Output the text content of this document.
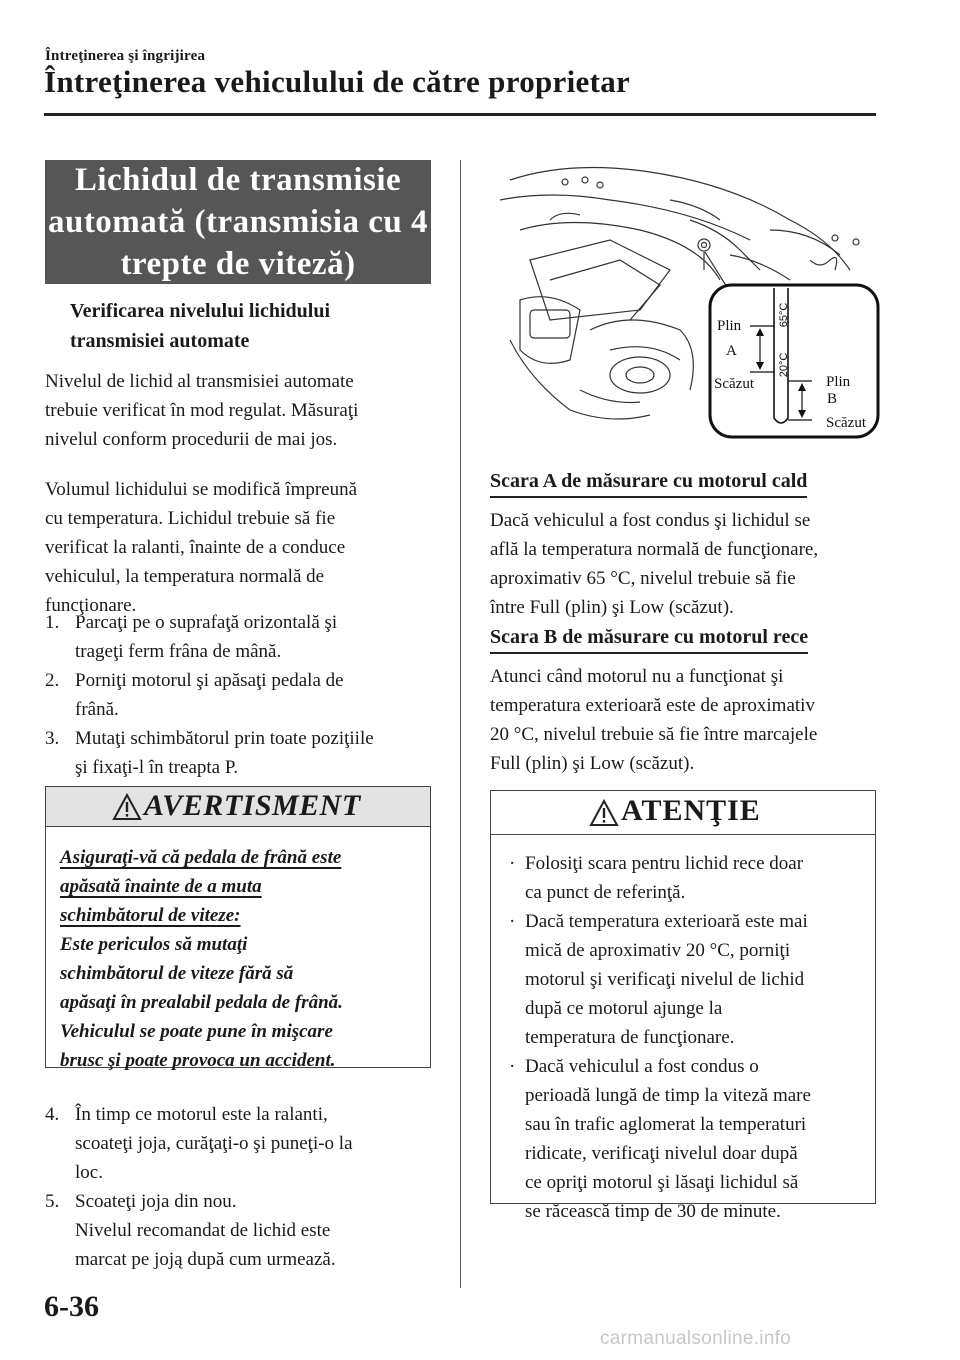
Întreţinerea şi îngrijirea
Întreţinerea vehiculului de către proprietar
Lichidul de transmisie
automată (transmisia cu 4
trepte de viteză)
Verificarea nivelului lichidului
transmisiei automate
Nivelul de lichid al transmisiei automate
trebuie verificat în mod regulat. Măsuraţi
nivelul conform procedurii de mai jos.
Volumul lichidului se modifică împreună
cu temperatura. Lichidul trebuie să fie
verificat la ralanti, înainte de a conduce
vehiculul, la temperatura normală de
funcţionare.
1. Parcaţi pe o suprafaţă orizontală şi
trageţi ferm frâna de mână.
2. Porniţi motorul şi apăsaţi pedala de
frână.
3. Mutaţi schimbătorul prin toate poziţiile
şi fixaţi-l în treapta P.
AVERTISMENT
Asiguraţi-vă că pedala de frână este
apăsată înainte de a muta
schimbătorul de viteze:
Este periculos să mutaţi
schimbătorul de viteze fără să
apăsaţi în prealabil pedala de frână.
Vehiculul se poate pune în mişcare
brusc şi poate provoca un accident.
4. În timp ce motorul este la ralanti,
scoateţi joja, curăţaţi-o şi puneţi-o la
loc.
5. Scoateţi joja din nou.
Nivelul recomandat de lichid este
marcat pe joją după cum urmează.
65°C
20°C
Plin
A
Scăzut	Plin
B
Scăzut
Scara A de măsurare cu motorul cald
Dacă vehiculul a fost condus şi lichidul se
află la temperatura normală de funcţionare,
aproximativ 65 °C, nivelul trebuie să fie
între Full (plin) şi Low (scăzut).
Scara B de măsurare cu motorul rece
Atunci când motorul nu a funcţionat şi
temperatura exterioară este de aproximativ
20 °C, nivelul trebuie să fie între marcajele
Full (plin) şi Low (scăzut).
ATENŢIE
· Folosiţi scara pentru lichid rece doar
ca punct de referinţă.
· Dacă temperatura exterioară este mai
mică de aproximativ 20 °C, porniţi
motorul şi verificaţi nivelul de lichid
după ce motorul ajunge la
temperatura de funcţionare.
· Dacă vehiculul a fost condus o
perioadă lungă de timp la viteză mare
sau în trafic aglomerat la temperaturi
ridicate, verificaţi nivelul doar după
ce opriţi motorul şi lăsaţi lichidul să
se răcească timp de 30 de minute.
6-36
carmanualsonline.info
